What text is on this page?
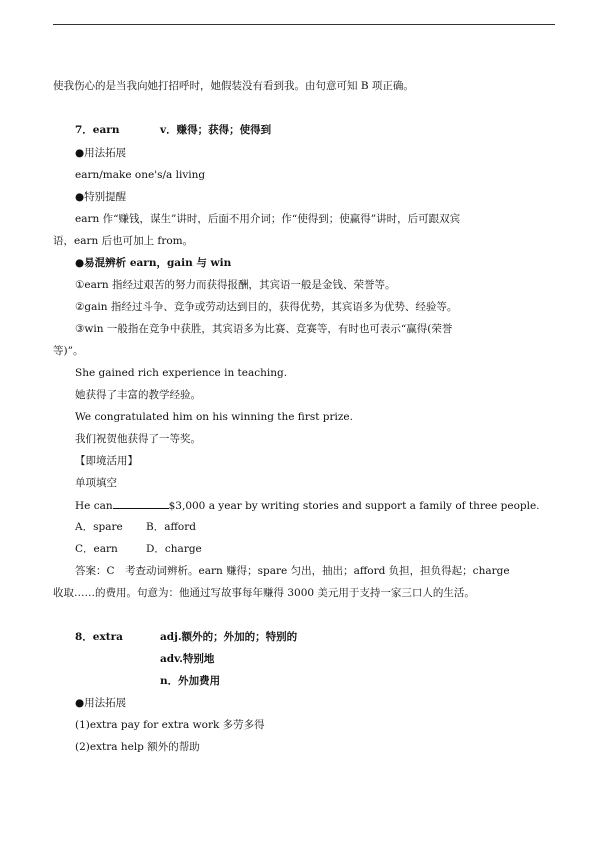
使我伤心的是当我向她打招呼时，她假装没有看到我。由句意可知 B 项正确。
7．earn	v．赚得；获得；使得到
●用法拓展
earn/make one's/a living
●特别提醒
earn 作“赚钱，谋生”讲时，后面不用介词；作“使得到；使赢得”讲时，后可跟双宾
语，earn 后也可加上 from。
●易混辨析 earn，gain 与 win
①earn 指经过艰苦的努力而获得报酬，其宾语一般是金钱、荣誉等。
②gain 指经过斗争、竞争或劳动达到目的，获得优势，其宾语多为优势、经验等。
③win 一般指在竞争中获胜，其宾语多为比赛、竞赛等，有时也可表示“赢得(荣誉
等)”。
She gained rich experience in teaching.
她获得了丰富的教学经验。
We congratulated him on his winning the first prize.
我们祝贺他获得了一等奖。
【即境活用】
单项填空
He can	$3,000 a year by writing stories and support a family of three people.
A．spare B．afford
C．earn	D．charge
答案：C　考查动词辨析。earn 赚得；spare 匀出，抽出；afford 负担，担负得起；charge
收取……的费用。句意为：他通过写故事每年赚得 3000 美元用于支持一家三口人的生活。
8．extra	adj.额外的；外加的；特别的
adv.特别地
n．外加费用
●用法拓展
(1)extra pay for extra work 多劳多得
(2)extra help 额外的帮助
